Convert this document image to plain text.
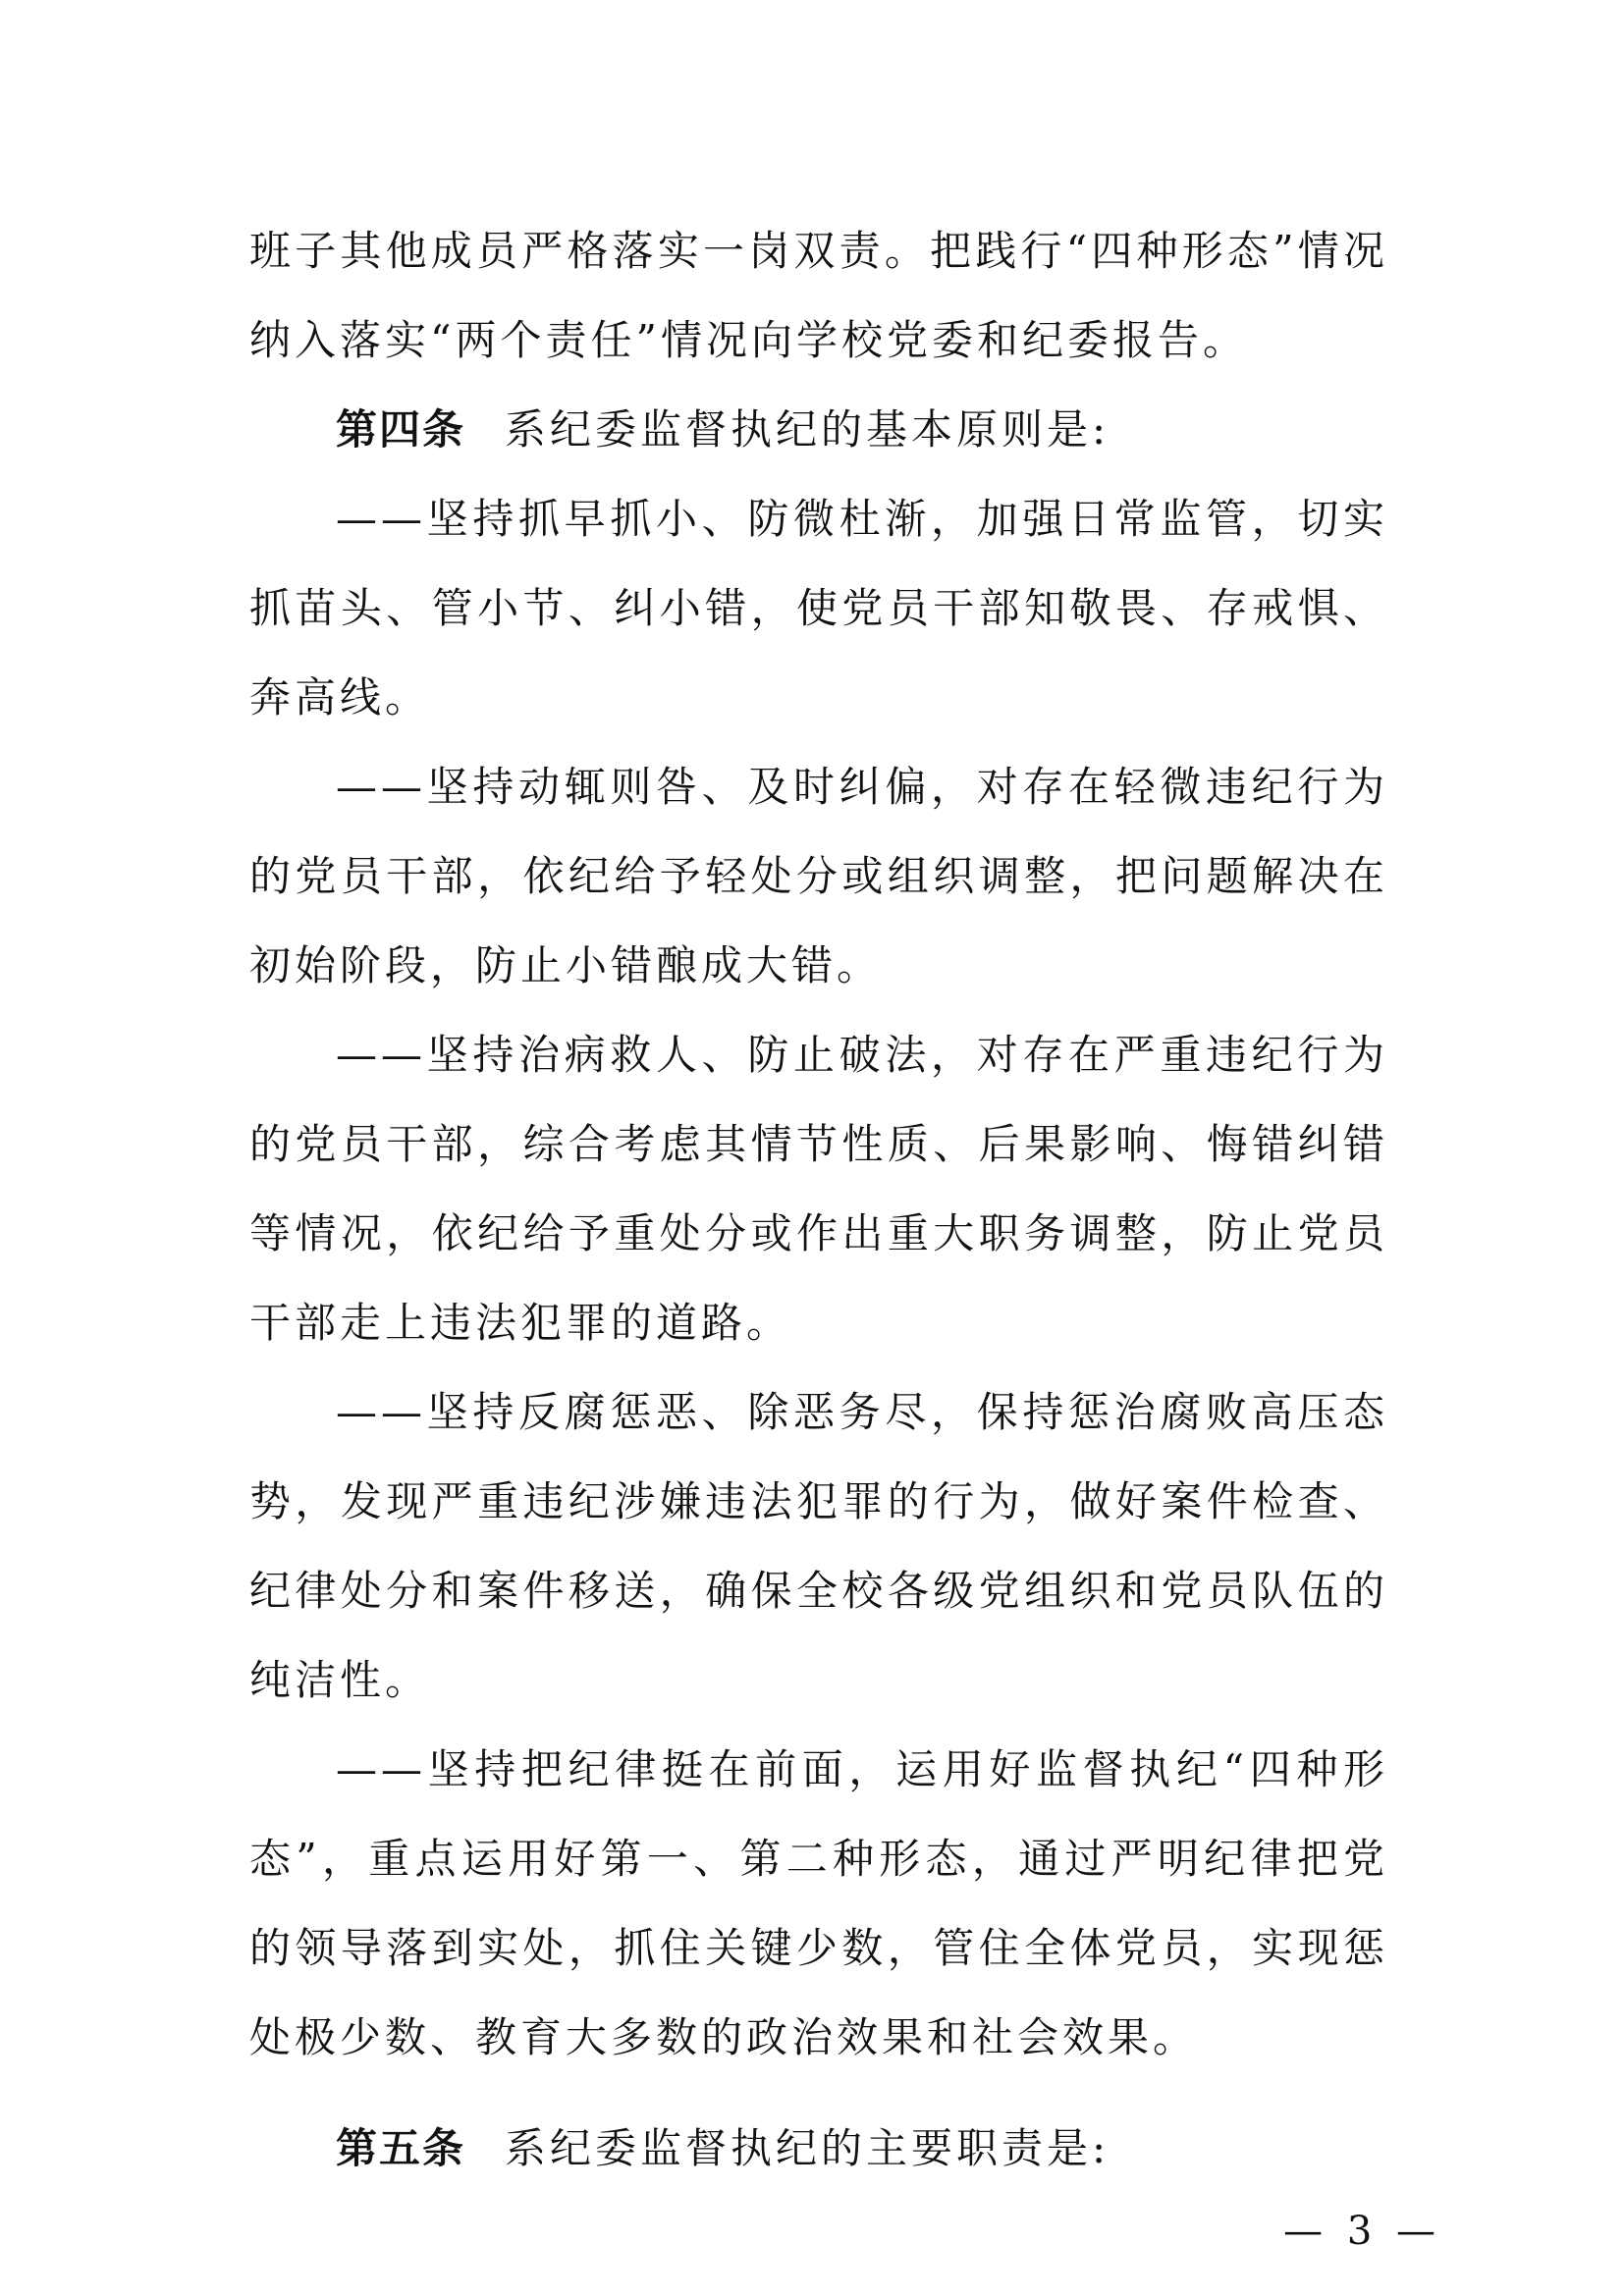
班子其他成员严格落实一岗双责。把践行“四种形态”情况纳入落实“两个责任”情况向学校党委和纪委报告。

第四条 系纪委监督执纪的基本原则是:

——坚持抓早抓小、防微杜渐，加强日常监管，切实抓苗头、管小节、纠小错，使党员干部知敬畏、存戒惧、奔高线。

——坚持动辄则咎、及时纠偏，对存在轻微违纪行为的党员干部，依纪给予轻处分或组织调整，把问题解决在初始阶段，防止小错酿成大错。

——坚持治病救人、防止破法，对存在严重违纪行为的党员干部，综合考虑其情节性质、后果影响、悔错纠错等情况，依纪给予重处分或作出重大职务调整，防止党员干部走上违法犯罪的道路。

——坚持反腐惩恶、除恶务尽，保持惩治腐败高压态势，发现严重违纪涉嫌违法犯罪的行为，做好案件检查、纪律处分和案件移送，确保全校各级党组织和党员队伍的纯洁性。

——坚持把纪律挺在前面，运用好监督执纪“四种形态”，重点运用好第一、第二种形态，通过严明纪律把党的领导落到实处，抓住关键少数，管住全体党员，实现惩处极少数、教育大多数的政治效果和社会效果。

第五条 系纪委监督执纪的主要职责是:

— 3 —
